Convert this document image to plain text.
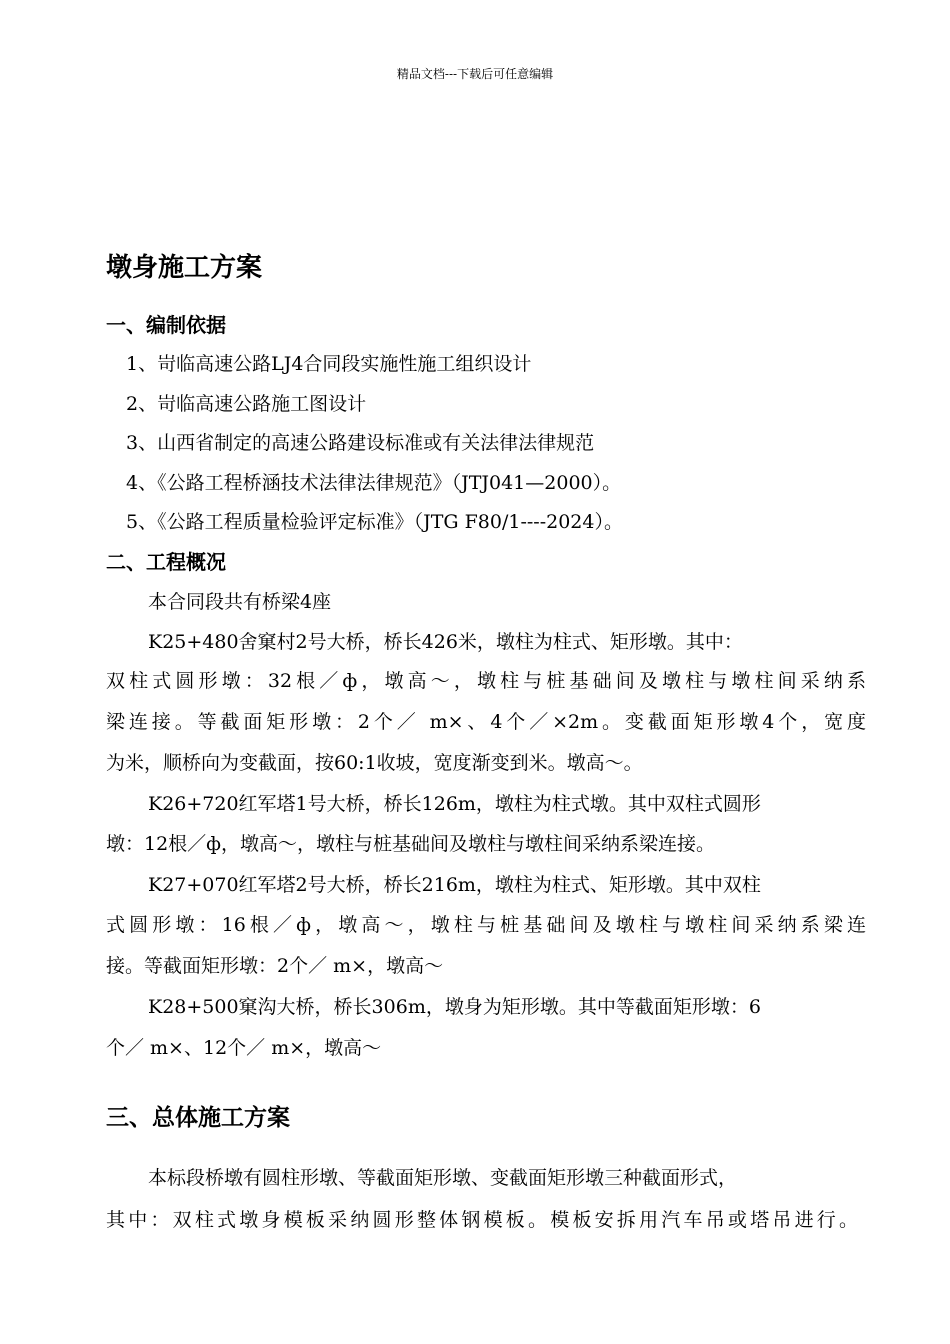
精品文档---下载后可任意编辑
墩身施工方案
一、编制依据

1、岢临高速公路LJ4合同段实施性施工组织设计

2、岢临高速公路施工图设计

3、山西省制定的高速公路建设标准或有关法律法律规范

4、《公路工程桥涵技术法律法律规范》（JTJ041—2000）。

5、《公路工程质量检验评定标准》（JTG F80/1----2024）。

二、工程概况

本合同段共有桥梁4座

K25+480舍窠村2号大桥，桥长426米，墩柱为柱式、矩形墩。其中：

双柱式圆形墩：32根／ф，墩高～，墩柱与桩基础间及墩柱与墩柱间采纳系

梁连接。等截面矩形墩：2个／ m×、4个／×2m。变截面矩形墩4个，宽度

为米，顺桥向为变截面，按60:1收坡，宽度渐变到米。墩高～。

K26+720红军塔1号大桥，桥长126m，墩柱为柱式墩。其中双柱式圆形

墩：12根／ф，墩高～，墩柱与桩基础间及墩柱与墩柱间采纳系梁连接。

K27+070红军塔2号大桥，桥长216m，墩柱为柱式、矩形墩。其中双柱

式圆形墩：16根／ф，墩高～，墩柱与桩基础间及墩柱与墩柱间采纳系梁连

接。等截面矩形墩：2个／ m×，墩高～

K28+500窠沟大桥，桥长306m，墩身为矩形墩。其中等截面矩形墩：6

个／ m×、12个／ m×，墩高～

三、总体施工方案

本标段桥墩有圆柱形墩、等截面矩形墩、变截面矩形墩三种截面形式，

其中：双柱式墩身模板采纳圆形整体钢模板。模板安拆用汽车吊或塔吊进行。
